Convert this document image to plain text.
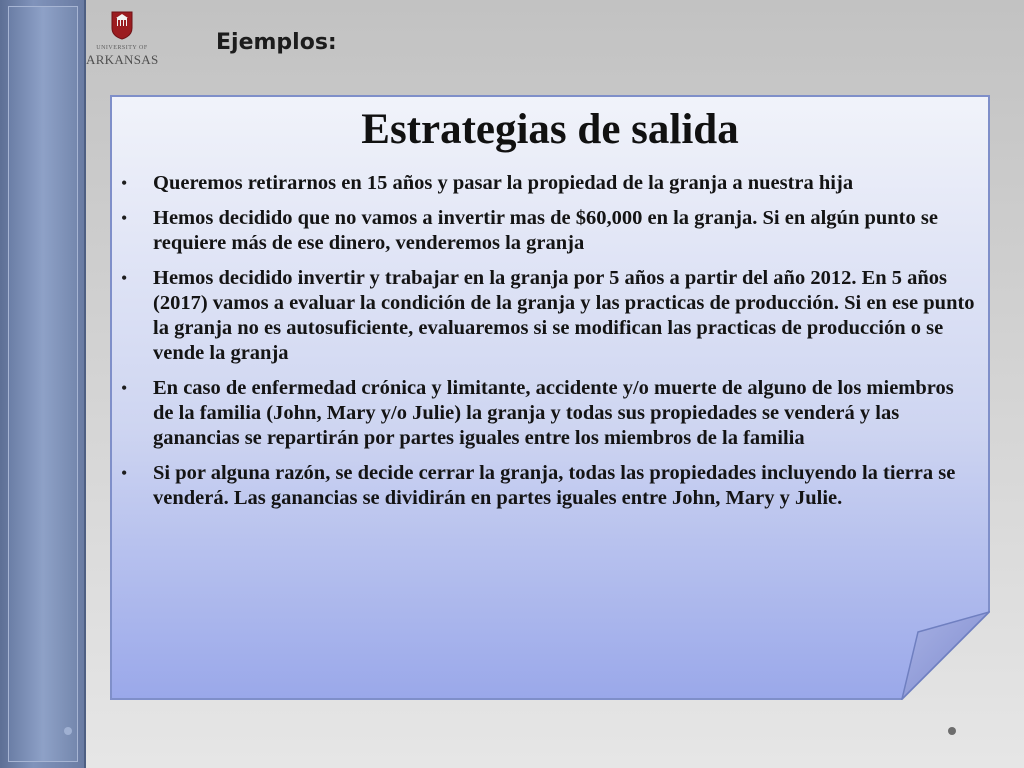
UNIVERSITY OF
ARKANSAS
Ejemplos:
Estrategias de salida
• Queremos retirarnos en 15 años y pasar la propiedad de la granja a nuestra hija
• Hemos decidido que no vamos a invertir mas de $60,000 en la granja. Si en algún punto se requiere más de ese dinero, venderemos la granja
• Hemos decidido invertir y trabajar en la granja por 5 años a partir del año 2012. En 5 años (2017) vamos a evaluar la condición de la granja y las practicas de producción. Si en ese punto la granja no es autosuficiente, evaluaremos si se modifican las practicas de producción o se vende la granja
• En caso de enfermedad crónica y limitante, accidente y/o muerte de alguno de los miembros de la familia (John, Mary y/o Julie) la granja y todas sus propiedades se venderá y las ganancias se repartirán por partes iguales entre los miembros de la familia
• Si por alguna razón, se decide cerrar la granja, todas las propiedades incluyendo la tierra se venderá. Las ganancias se dividirán en partes iguales entre John, Mary y Julie.
